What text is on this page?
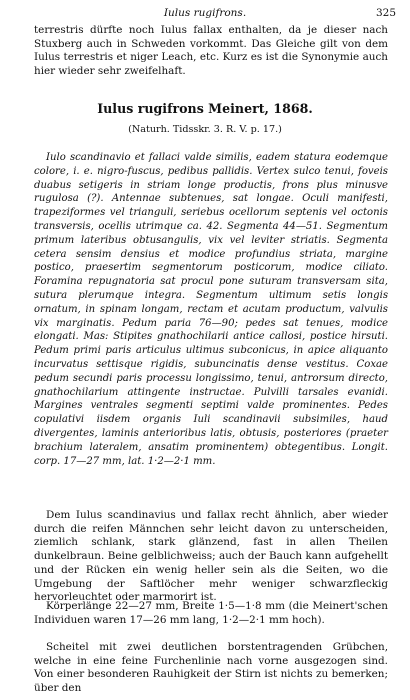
Iulus rugifrons.	325

terrestris dürfte noch Iulus fallax enthalten, da je dieser nach Stuxberg auch in Schweden vorkommt. Das Gleiche gilt von dem Iulus terrestris et niger Leach, etc. Kurz es ist die Synonymie auch hier wieder sehr zweifelhaft.

Iulus rugifrons Meinert, 1868.

(Naturh. Tidsskr. 3. R. V. p. 17.)

Iulo scandinavio et fallaci valde similis, eadem statura eodemque colore, i. e. nigro-fuscus, pedibus pallidis. Vertex sulco tenui, foveis duabus setigeris in striam longe productis, frons plus minusve rugulosa (?). Antennae subtenues, sat longae. Oculi manifesti, trapeziformes vel trianguli, seriebus ocellorum septenis vel octonis transversis, ocellis utrimque ca. 42. Segmenta 44—51. Segmentum primum lateribus obtusangulis, vix vel leviter striatis. Segmenta cetera sensim densius et modice profundius striata, margine postico, praesertim segmentorum posticorum, modice ciliato. Foramina repugnatoria sat procul pone suturam transversam sita, sutura plerumque integra. Segmentum ultimum setis longis ornatum, in spinam longam, rectam et acutam productum, valvulis vix marginatis. Pedum paria 76—90; pedes sat tenues, modice elongati. Mas: Stipites gnathochilarii antice callosi, postice hirsuti. Pedum primi paris articulus ultimus subconicus, in apice aliquanto incurvatus settisque rigidis, subuncinatis dense vestitus. Coxae pedum secundi paris processu longissimo, tenui, antrorsum directo, gnathochilarium attingente instructae. Pulvilli tarsales evanidi. Margines ventrales segmenti septimi valde prominentes. Pedes copulativi iisdem organis Iuli scandinavii subsimiles, haud divergentes, laminis anterioribus latis, obtusis, posteriores (praeter brachium lateralem, ansatim prominentem) obtegentibus. Longit. corp. 17—27 mm, lat. 1·2—2·1 mm.

Dem Iulus scandinavius und fallax recht ähnlich, aber wieder durch die reifen Männchen sehr leicht davon zu unterscheiden, ziemlich schlank, stark glänzend, fast in allen Theilen dunkelbraun. Beine gelblichweiss; auch der Bauch kann aufgehellt und der Rücken ein wenig heller sein als die Seiten, wo die Umgebung der Saftlöcher mehr weniger schwarzfleckig hervorleuchtet oder marmorirt ist.

Körperlänge 22—27 mm, Breite 1·5—1·8 mm (die Meinert'schen Individuen waren 17—26 mm lang, 1·2—2·1 mm hoch).

Scheitel mit zwei deutlichen borstentragenden Grübchen, welche in eine feine Furchenlinie nach vorne ausgezogen sind. Von einer besonderen Rauhigkeit der Stirn ist nichts zu bemerken; über den
